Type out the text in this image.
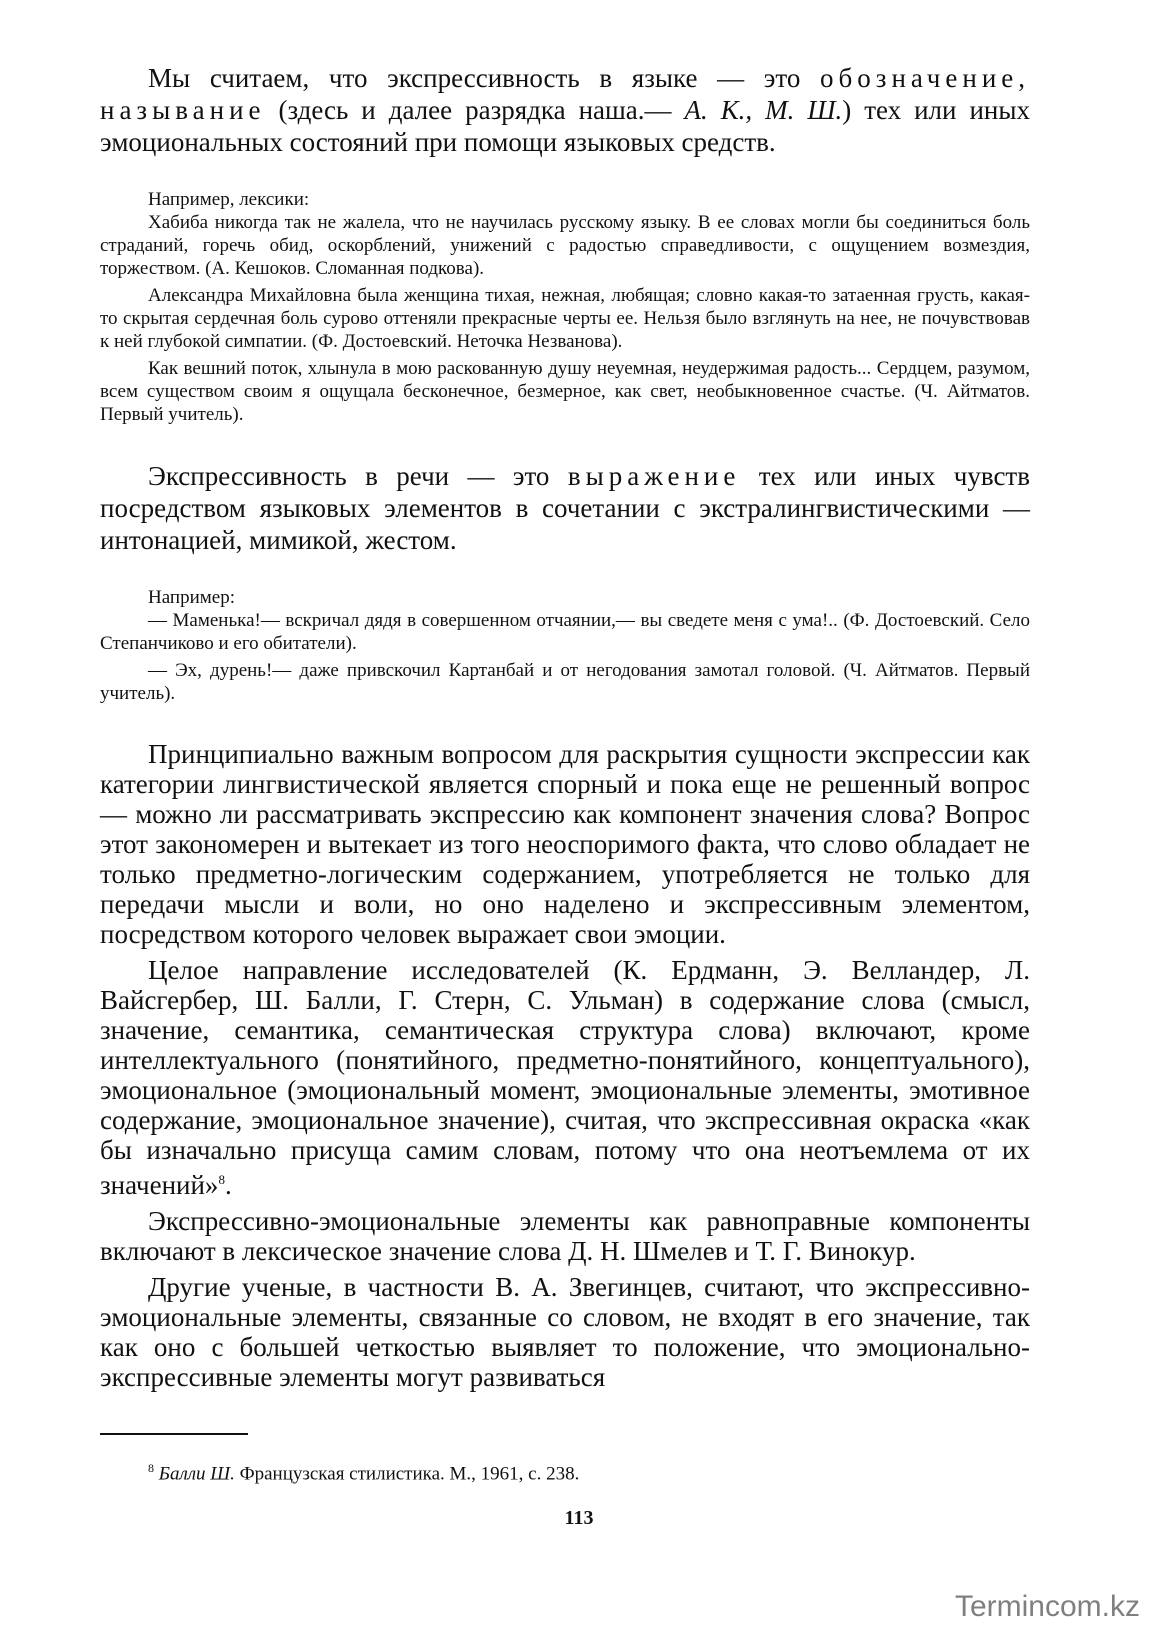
Мы считаем, что экспрессивность в языке — это обозначение, называние (здесь и далее разрядка наша.— А. К., М. Ш.) тех или иных эмоциональных состояний при помощи языковых средств.

Например, лексики:

Хабиба никогда так не жалела, что не научилась русскому языку. В ее словах могли бы соединиться боль страданий, горечь обид, оскорблений, унижений с радостью справедливости, с ощущением возмездия, торжеством. (А. Кешоков. Сломанная подкова).

Александра Михайловна была женщина тихая, нежная, любящая; словно какая-то затаенная грусть, какая-то скрытая сердечная боль сурово оттеняли прекрасные черты ее. Нельзя было взглянуть на нее, не почувствовав к ней глубокой симпатии. (Ф. Достоевский. Неточка Незванова).

Как вешний поток, хлынула в мою раскованную душу неуемная, неудержимая радость... Сердцем, разумом, всем существом своим я ощущала бесконечное, безмерное, как свет, необыкновенное счастье. (Ч. Айтматов. Первый учитель).

Экспрессивность в речи — это выражение тех или иных чувств посредством языковых элементов в сочетании с экстралингвистическими — интонацией, мимикой, жестом.

Например:

— Маменька!— вскричал дядя в совершенном отчаянии,— вы сведете меня с ума!.. (Ф. Достоевский. Село Степанчиково и его обитатели).

— Эх, дурень!— даже привскочил Картанбай и от негодования замотал головой. (Ч. Айтматов. Первый учитель).

Принципиально важным вопросом для раскрытия сущности экспрессии как категории лингвистической является спорный и пока еще не решенный вопрос — можно ли рассматривать экспрессию как компонент значения слова? Вопрос этот закономерен и вытекает из того неоспоримого факта, что слово обладает не только предметно-логическим содержанием, употребляется не только для передачи мысли и воли, но оно наделено и экспрессивным элементом, посредством которого человек выражает свои эмоции.

Целое направление исследователей (К. Ердманн, Э. Велландер, Л. Вайсгербер, Ш. Балли, Г. Стерн, С. Ульман) в содержание слова (смысл, значение, семантика, семантическая структура слова) включают, кроме интеллектуального (понятийного, предметно-понятийного, концептуального), эмоциональное (эмоциональный момент, эмоциональные элементы, эмотивное содержание, эмоциональное значение), считая, что экспрессивная окраска «как бы изначально присуща самим словам, потому что она неотъемлема от их значений»$^8$.

Экспрессивно-эмоциональные элементы как равноправные компоненты включают в лексическое значение слова Д. Н. Шмелев и Т. Г. Винокур.

Другие ученые, в частности В. А. Звегинцев, считают, что экспрессивно-эмоциональные элементы, связанные со словом, не входят в его значение, так как оно с большей четкостью выявляет то положение, что эмоционально-экспрессивные элементы могут развиваться

$^8$ Балли Ш. Французская стилистика. М., 1961, с. 238.
113
Termincom.kz
